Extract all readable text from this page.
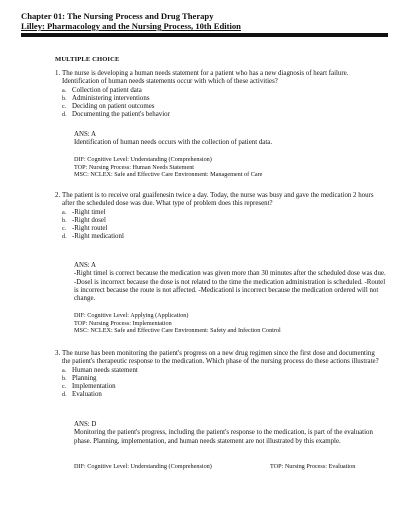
Chapter 01: The Nursing Process and Drug Therapy
Lilley: Pharmacology and the Nursing Process, 10th Edition
MULTIPLE CHOICE
1. The nurse is developing a human needs statement for a patient who has a new diagnosis of heart failure. Identification of human needs statements occur with which of these activities?
a. Collection of patient data
b. Administering interventions
c. Deciding on patient outcomes
d. Documenting the patient's behavior
ANS: A
Identification of human needs occurs with the collection of patient data.
DIF: Cognitive Level: Understanding (Comprehension)
TOP: Nursing Process: Human Needs Statement
MSC: NCLEX: Safe and Effective Care Environment: Management of Care
2. The patient is to receive oral guaifenesin twice a day. Today, the nurse was busy and gave the medication 2 hours after the scheduled dose was due. What type of problem does this represent?
a. -Right timel
b. -Right dosel
c. -Right routel
d. -Right medicationl
ANS: A
-Right timel is correct because the medication was given more than 30 minutes after the scheduled dose was due. -Dosel is incorrect because the dose is not related to the time the medication administration is scheduled. -Routel is incorrect because the route is not affected. -Medicationl is incorrect because the medication ordered will not change.
DIF: Cognitive Level: Applying (Application)
TOP: Nursing Process: Implementation
MSC: NCLEX: Safe and Effective Care Environment: Safety and Infection Control
3. The nurse has been monitoring the patient's progress on a new drug regimen since the first dose and documenting the patient's therapeutic response to the medication. Which phase of the nursing process do these actions illustrate?
a. Human needs statement
b. Planning
c. Implementation
d. Evaluation
ANS: D
Monitoring the patient's progress, including the patient's response to the medication, is part of the evaluation phase. Planning, implementation, and human needs statement are not illustrated by this example.
DIF: Cognitive Level: Understanding (Comprehension)	TOP: Nursing Process: Evaluation
